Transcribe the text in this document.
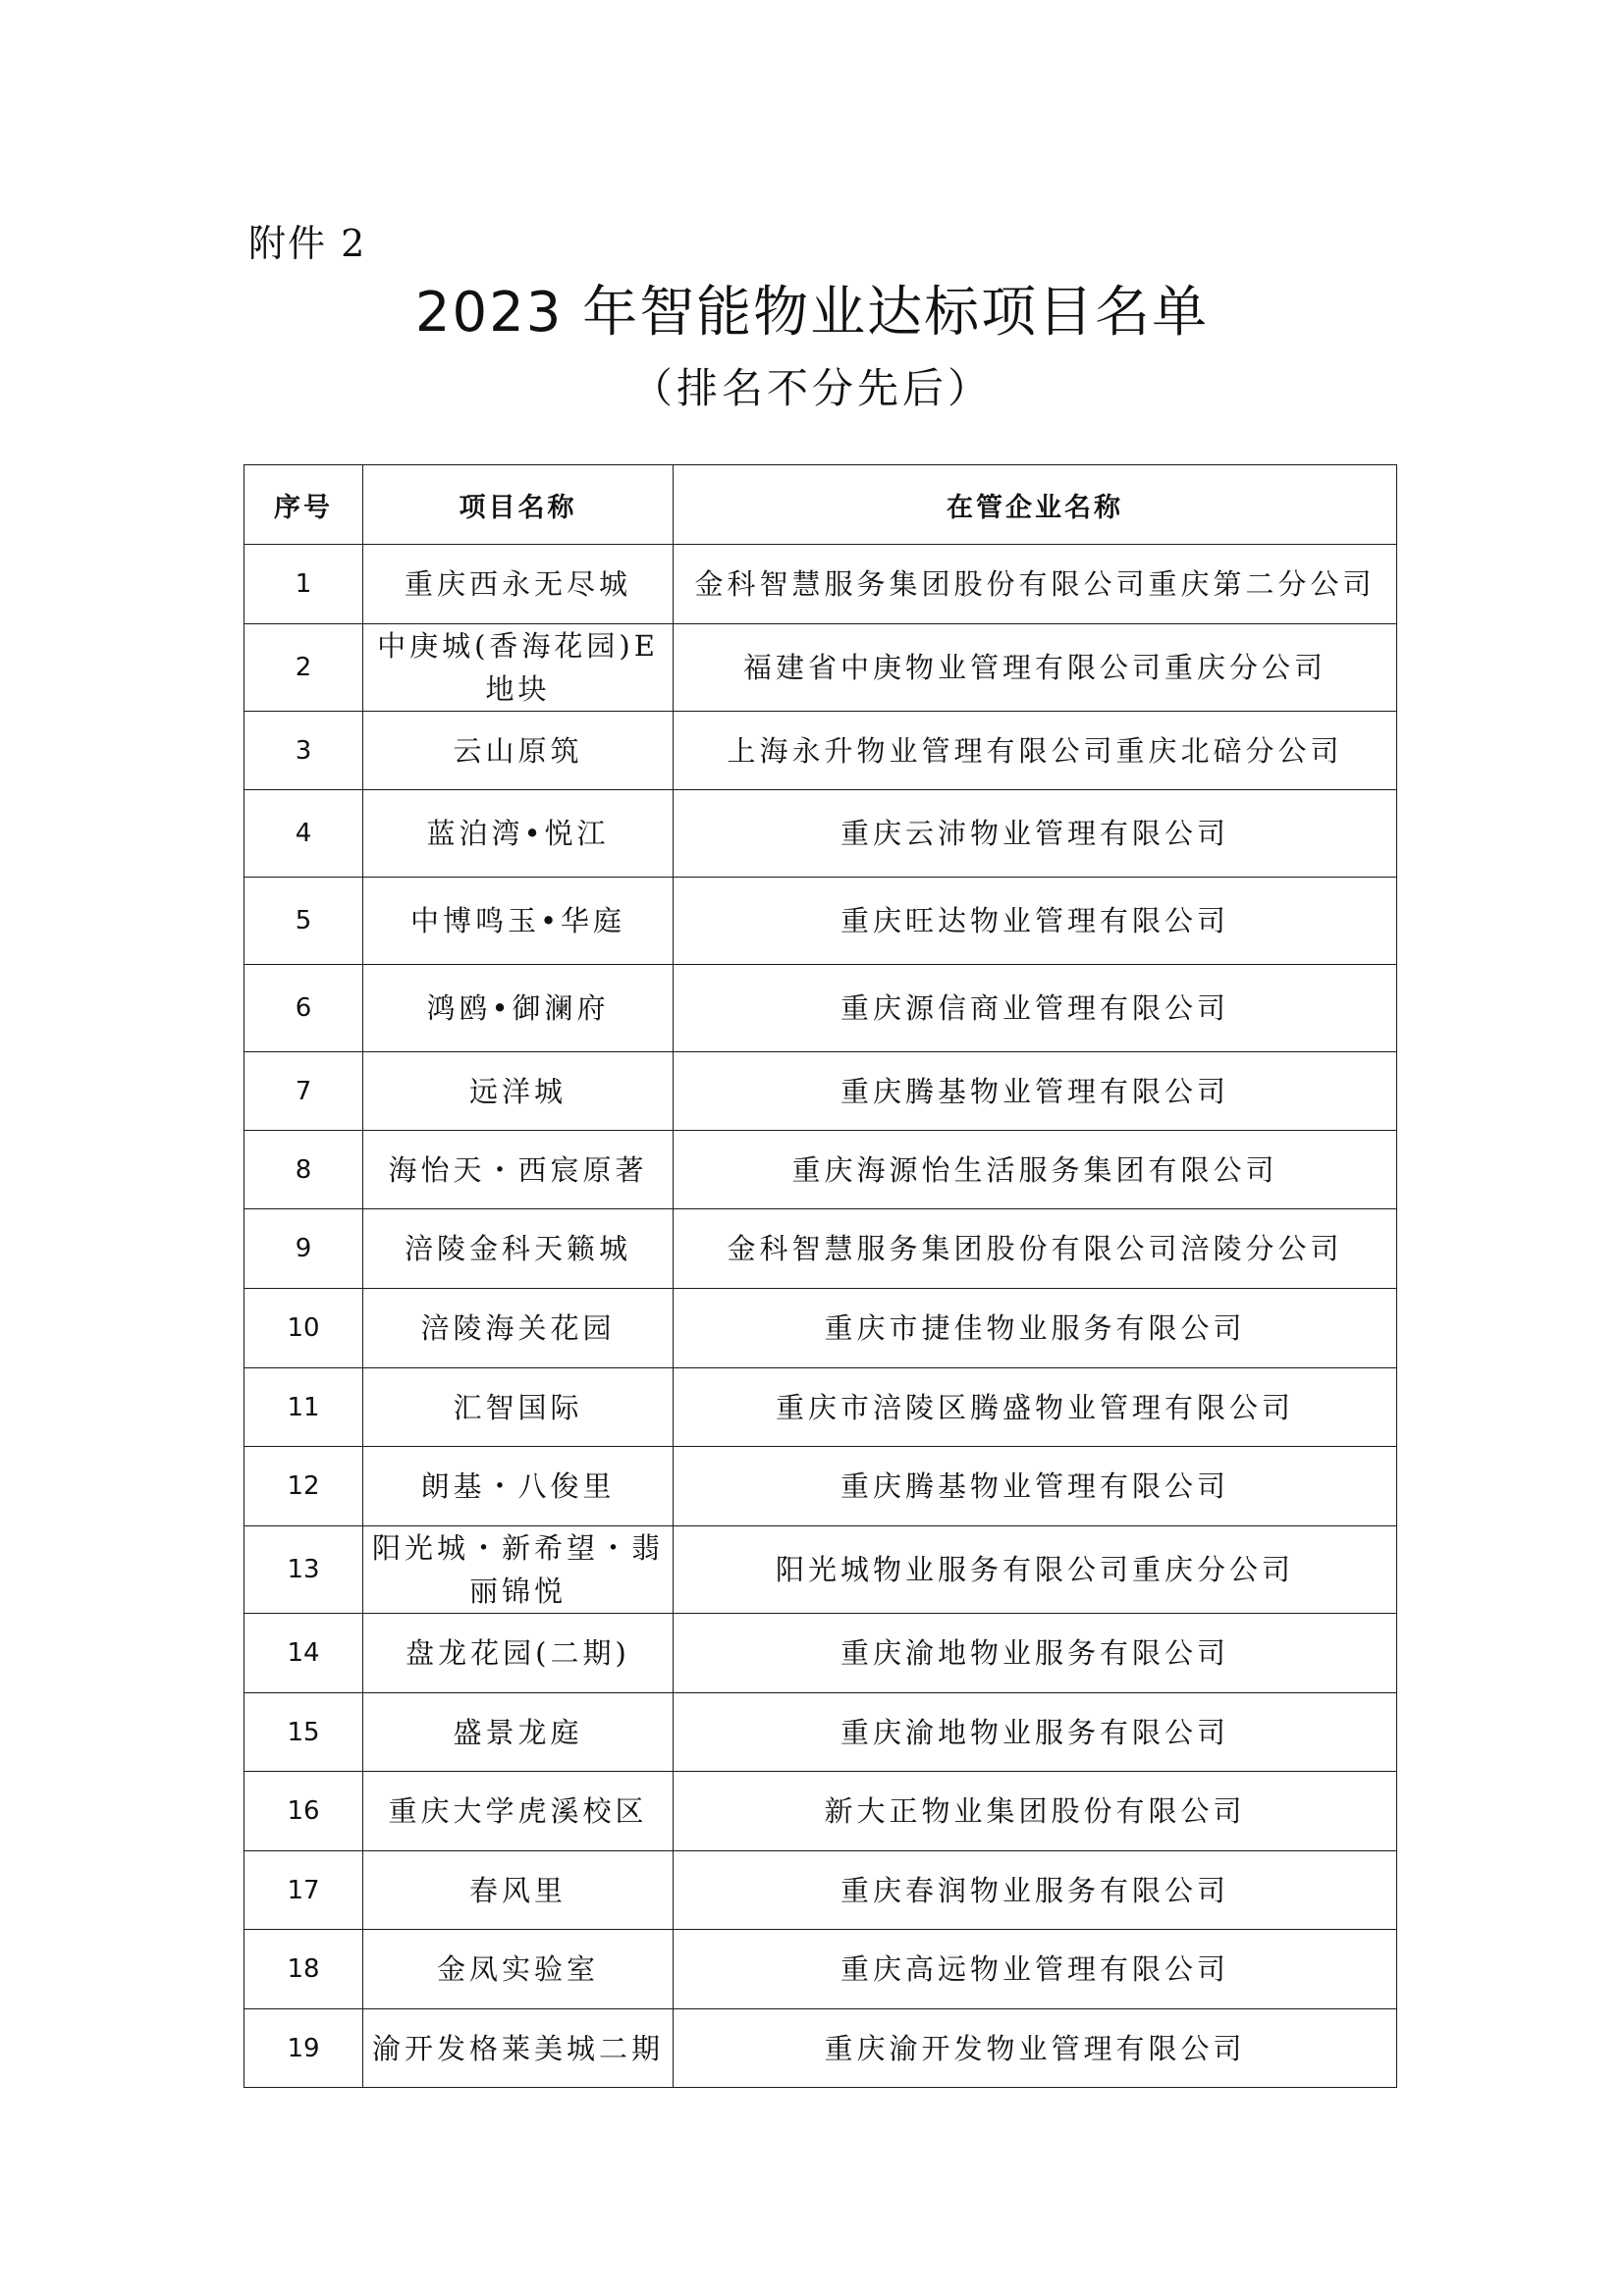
附件 2
2023 年智能物业达标项目名单
（排名不分先后）
序号	项目名称	在管企业名称
1	重庆西永无尽城	金科智慧服务集团股份有限公司重庆第二分公司
2	中庚城(香海花园)E地块	福建省中庚物业管理有限公司重庆分公司
3	云山原筑	上海永升物业管理有限公司重庆北碚分公司
4	蓝泊湾•悦江	重庆云沛物业管理有限公司
5	中博鸣玉•华庭	重庆旺达物业管理有限公司
6	鸿鸥•御澜府	重庆源信商业管理有限公司
7	远洋城	重庆腾基物业管理有限公司
8	海怡天・西宸原著	重庆海源怡生活服务集团有限公司
9	涪陵金科天籁城	金科智慧服务集团股份有限公司涪陵分公司
10	涪陵海关花园	重庆市捷佳物业服务有限公司
11	汇智国际	重庆市涪陵区腾盛物业管理有限公司
12	朗基・八俊里	重庆腾基物业管理有限公司
13	阳光城・新希望・翡丽锦悦	阳光城物业服务有限公司重庆分公司
14	盘龙花园(二期)	重庆渝地物业服务有限公司
15	盛景龙庭	重庆渝地物业服务有限公司
16	重庆大学虎溪校区	新大正物业集团股份有限公司
17	春风里	重庆春润物业服务有限公司
18	金凤实验室	重庆高远物业管理有限公司
19	渝开发格莱美城二期	重庆渝开发物业管理有限公司
